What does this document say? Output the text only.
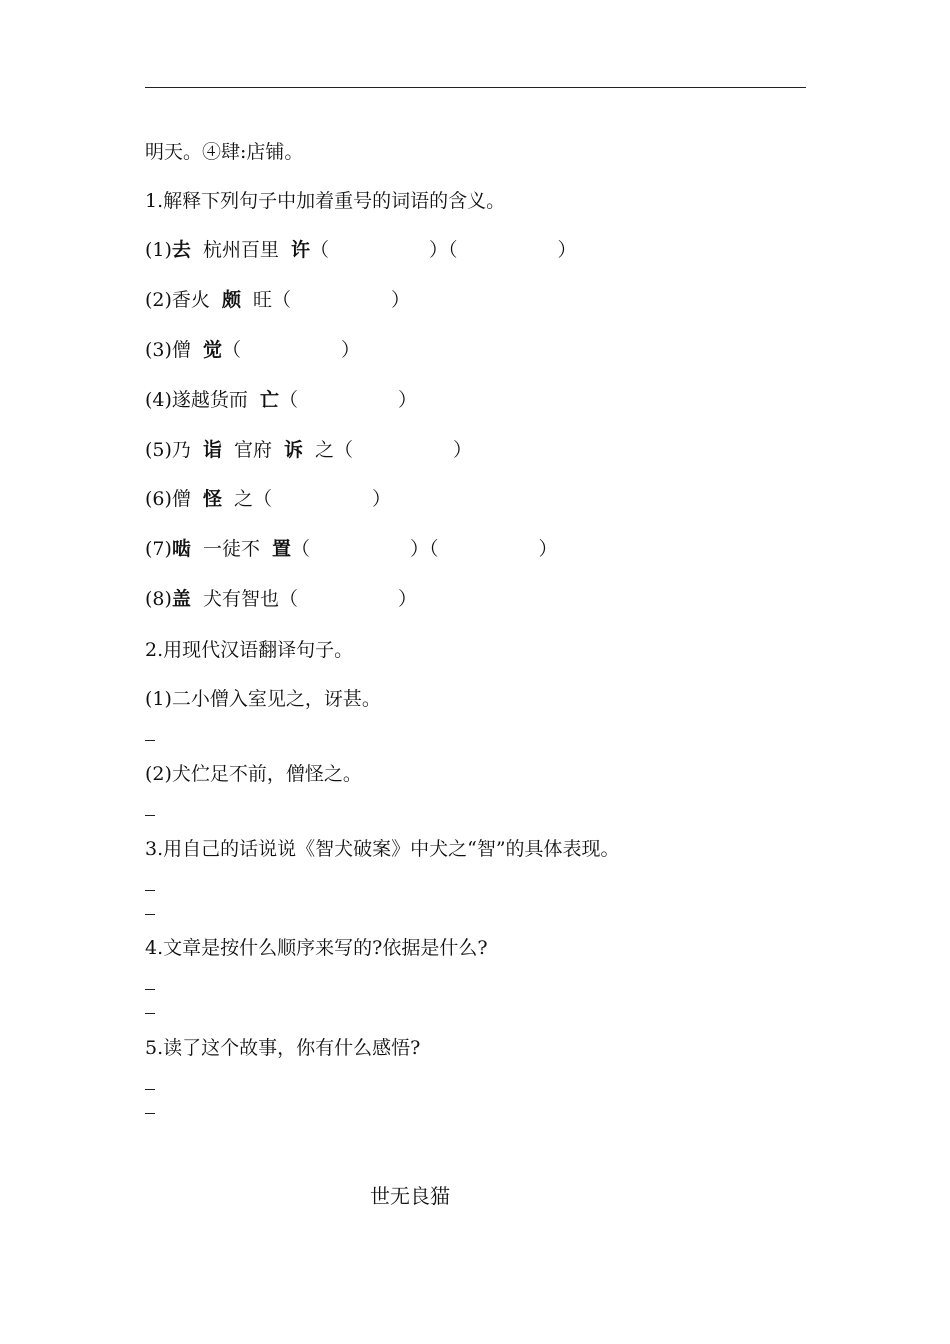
明天。④肆:店铺。
1.解释下列句子中加着重号的词语的含义。
(1)去 杭州百里 许（	）（	）
(2)香火 颇 旺（	）
(3)僧 觉（	）
(4)遂越货而 亡（	）
(5)乃 诣 官府 诉 之（	）
(6)僧 怪 之（	）
(7)啮 一徒不 置（	）（	）
(8)盖 犬有智也（	）
2.用现代汉语翻译句子。
(1)二小僧入室见之，讶甚。
(2)犬伫足不前，僧怪之。
3.用自己的话说说《智犬破案》中犬之“智”的具体表现。
4.文章是按什么顺序来写的?依据是什么?
5.读了这个故事，你有什么感悟?
世无良猫
